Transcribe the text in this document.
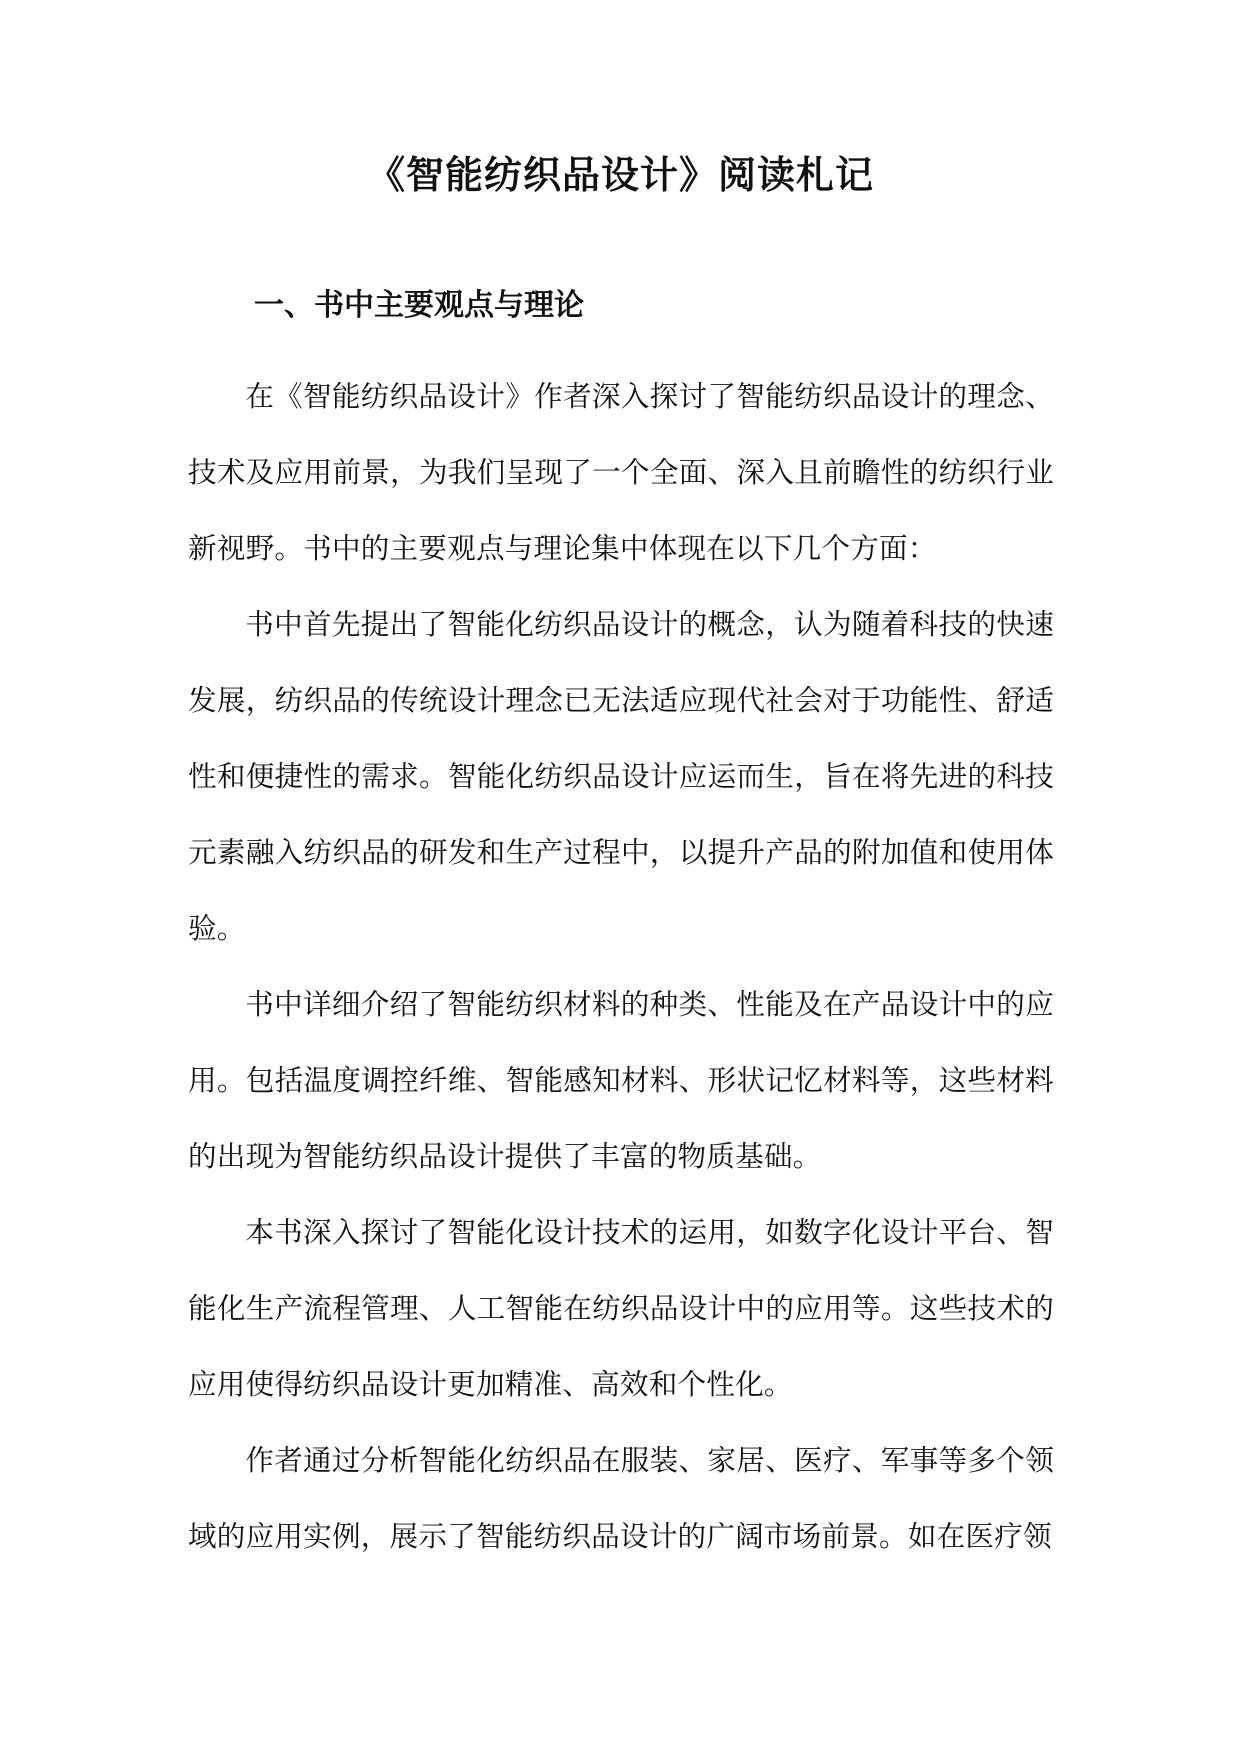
《智能纺织品设计》阅读札记
一、书中主要观点与理论

在《智能纺织品设计》作者深入探讨了智能纺织品设计的理念、技术及应用前景，为我们呈现了一个全面、深入且前瞻性的纺织行业新视野。书中的主要观点与理论集中体现在以下几个方面：

书中首先提出了智能化纺织品设计的概念，认为随着科技的快速发展，纺织品的传统设计理念已无法适应现代社会对于功能性、舒适性和便捷性的需求。智能化纺织品设计应运而生，旨在将先进的科技元素融入纺织品的研发和生产过程中，以提升产品的附加值和使用体验。

书中详细介绍了智能纺织材料的种类、性能及在产品设计中的应用。包括温度调控纤维、智能感知材料、形状记忆材料等，这些材料的出现为智能纺织品设计提供了丰富的物质基础。

本书深入探讨了智能化设计技术的运用，如数字化设计平台、智能化生产流程管理、人工智能在纺织品设计中的应用等。这些技术的应用使得纺织品设计更加精准、高效和个性化。

作者通过分析智能化纺织品在服装、家居、医疗、军事等多个领域的应用实例，展示了智能纺织品设计的广阔市场前景。如在医疗领
